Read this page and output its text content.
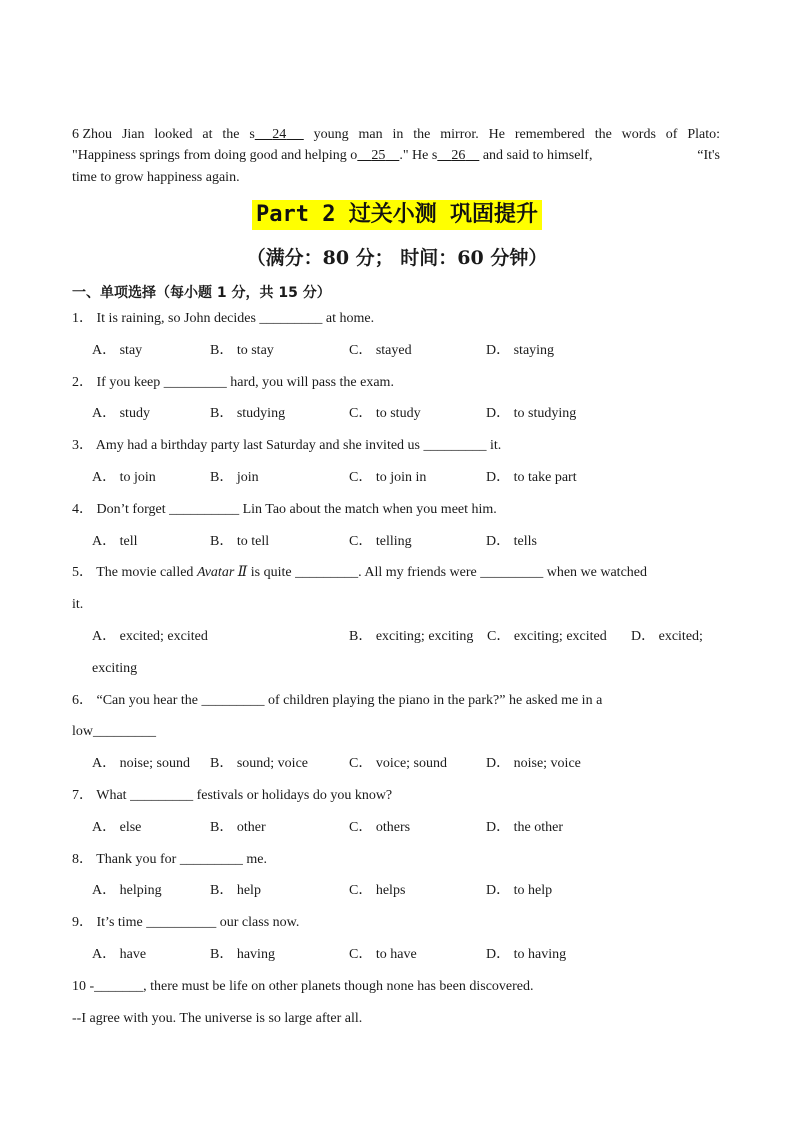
6 Zhou Jian looked at the s 24	young man in the mirror. He remembered the words of Plato:
"Happiness springs from doing good and helping o 25 ." He s 26 and said to himself,	“It's
time to grow happiness again.
Part 2 过关小测 巩固提升
（满分：80 分； 时间：60 分钟）
一、单项选择（每小题 1 分，共 15 分）
1． It is raining, so John decides _________ at home.
A． stay	B． to stay	C． stayed	D． staying
2． If you keep _________ hard, you will pass the exam.
A． study	B． studying	C． to study	D． to studying
3． Amy had a birthday party last Saturday and she invited us _________ it.
A． to join	B． join	C． to join in	D． to take part
4． Don’t forget __________ Lin Tao about the match when you meet him.
A． tell	B． to tell	C． telling	D． tells
5． The movie called Avatar Ⅱ is quite _________. All my friends were _________ when we watched
it.
A． excited; excited	B． exciting; exciting C． exciting; excited D． excited;
exciting
6． “Can you hear the _________ of children playing the piano in the park?” he asked me in a
low_________
A． noise; sound B． sound; voice	C． voice; sound	D． noise; voice
7． What _________ festivals or holidays do you know?
A． else	B． other	C． others	D． the other
8． Thank you for _________ me.
A． helping	B． help	C． helps	D． to help
9． It’s time __________ our class now.
A． have	B． having	C． to have	D． to having
10 -_______, there must be life on other planets though none has been discovered.
--I agree with you. The universe is so large after all.
